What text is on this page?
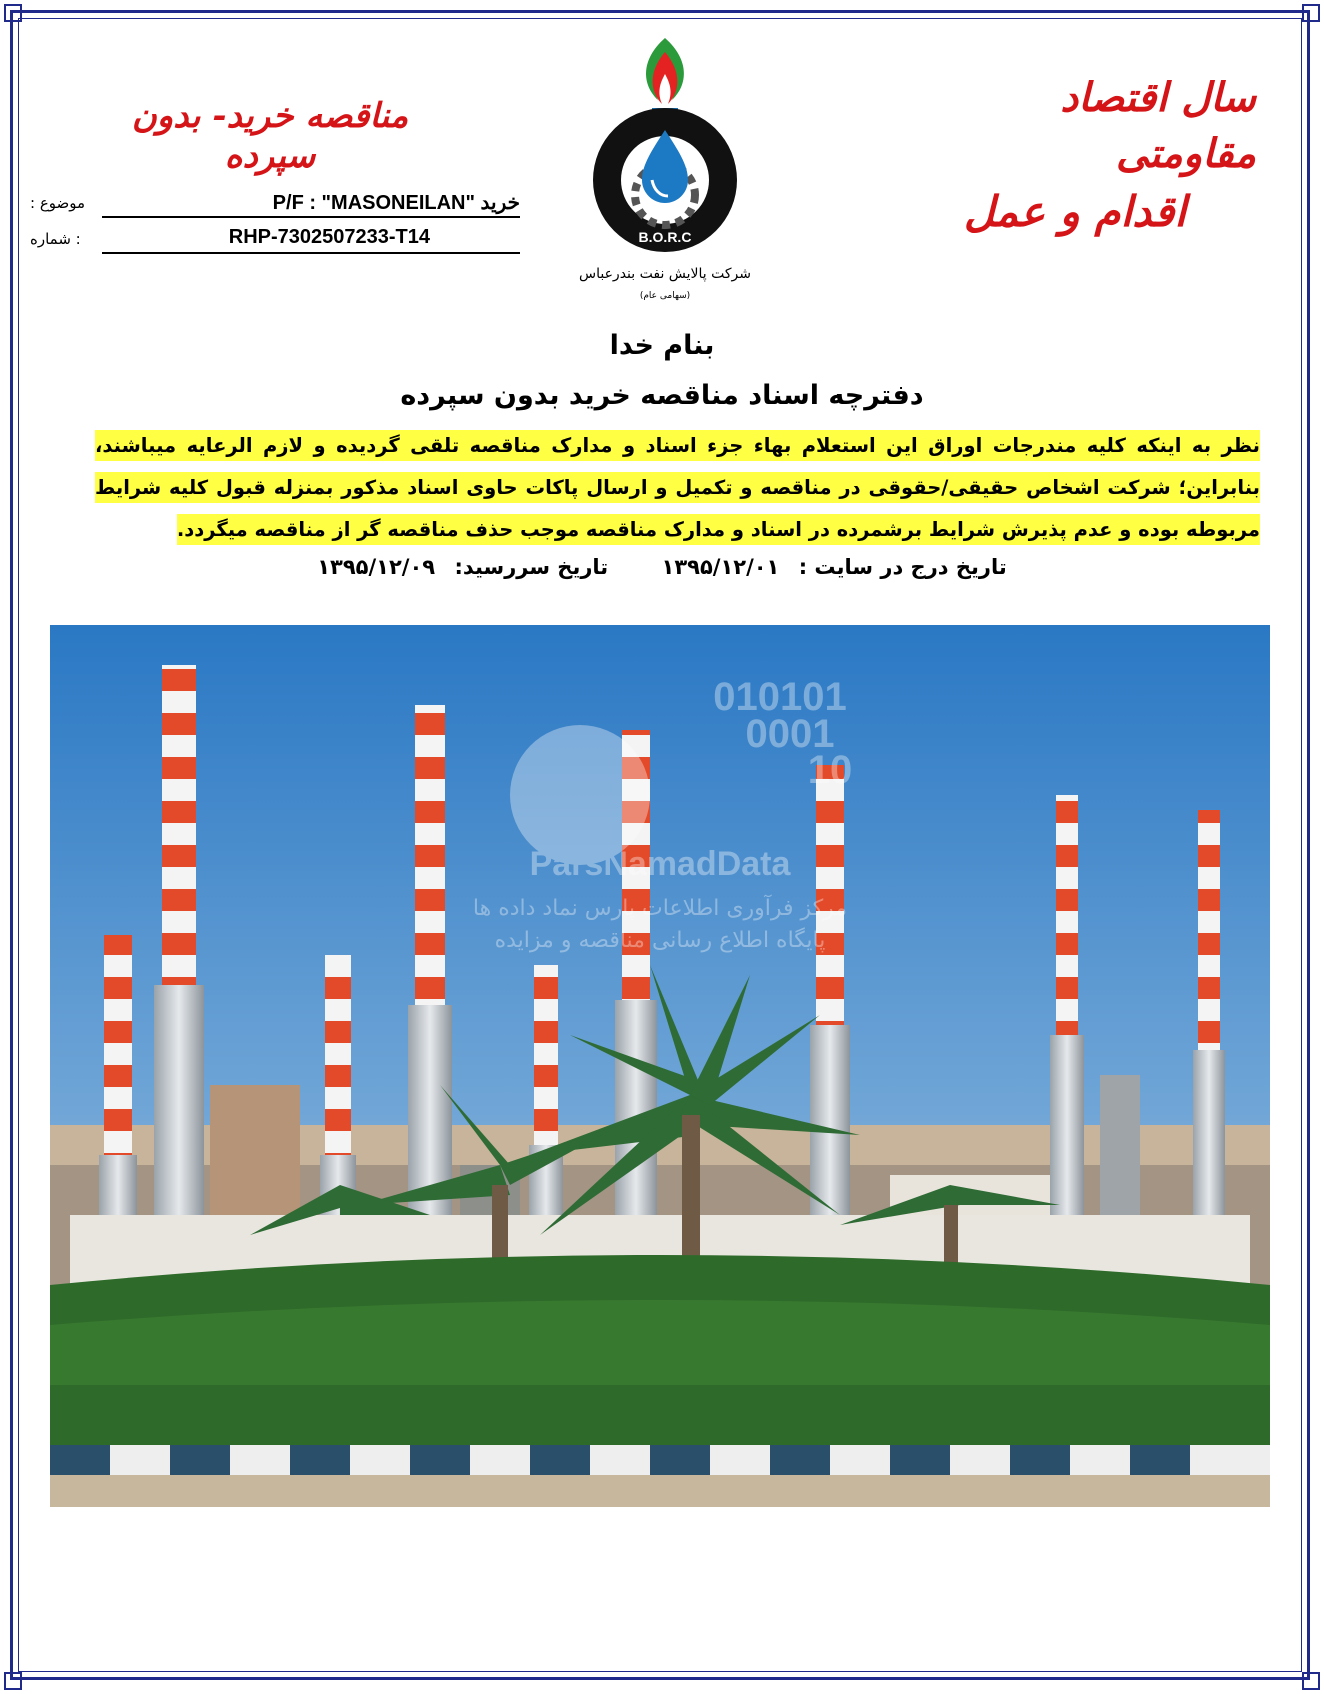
سال اقتصاد مقاومتی
اقدام و عمل
مناقصه خرید- بدون سپرده
B.O.R.C
شرکت پالایش نفت بندرعباس
(سهامی عام)
موضوع :	P/F : "MASONEILAN" خرید
: شماره	RHP-7302507233-T14
بنام خدا
دفترچه اسناد مناقصه خرید بدون سپرده
نظر به اینکه کلیه مندرجات اوراق این استعلام بهاء جزء اسناد و مدارک مناقصه تلقی گردیده و لازم الرعایه میباشند، بنابراین؛ شرکت اشخاص حقیقی/حقوقی در مناقصه و تکمیل و ارسال پاکات حاوی اسناد مذکور بمنزله قبول کلیه شرایط مربوطه بوده و عدم پذیرش شرایط برشمرده در اسناد و مدارک مناقصه موجب حذف مناقصه گر از مناقصه میگردد.
تاریخ درج در سایت : ۱۳۹۵/۱۲/۰۱ تاریخ سررسید: ۱۳۹۵/۱۲/۰۹
010101
0001
10
ParsNamadData
مرکز فرآوری اطلاعات پارس نماد داده ها
پایگاه اطلاع رسانی مناقصه و مزایده
